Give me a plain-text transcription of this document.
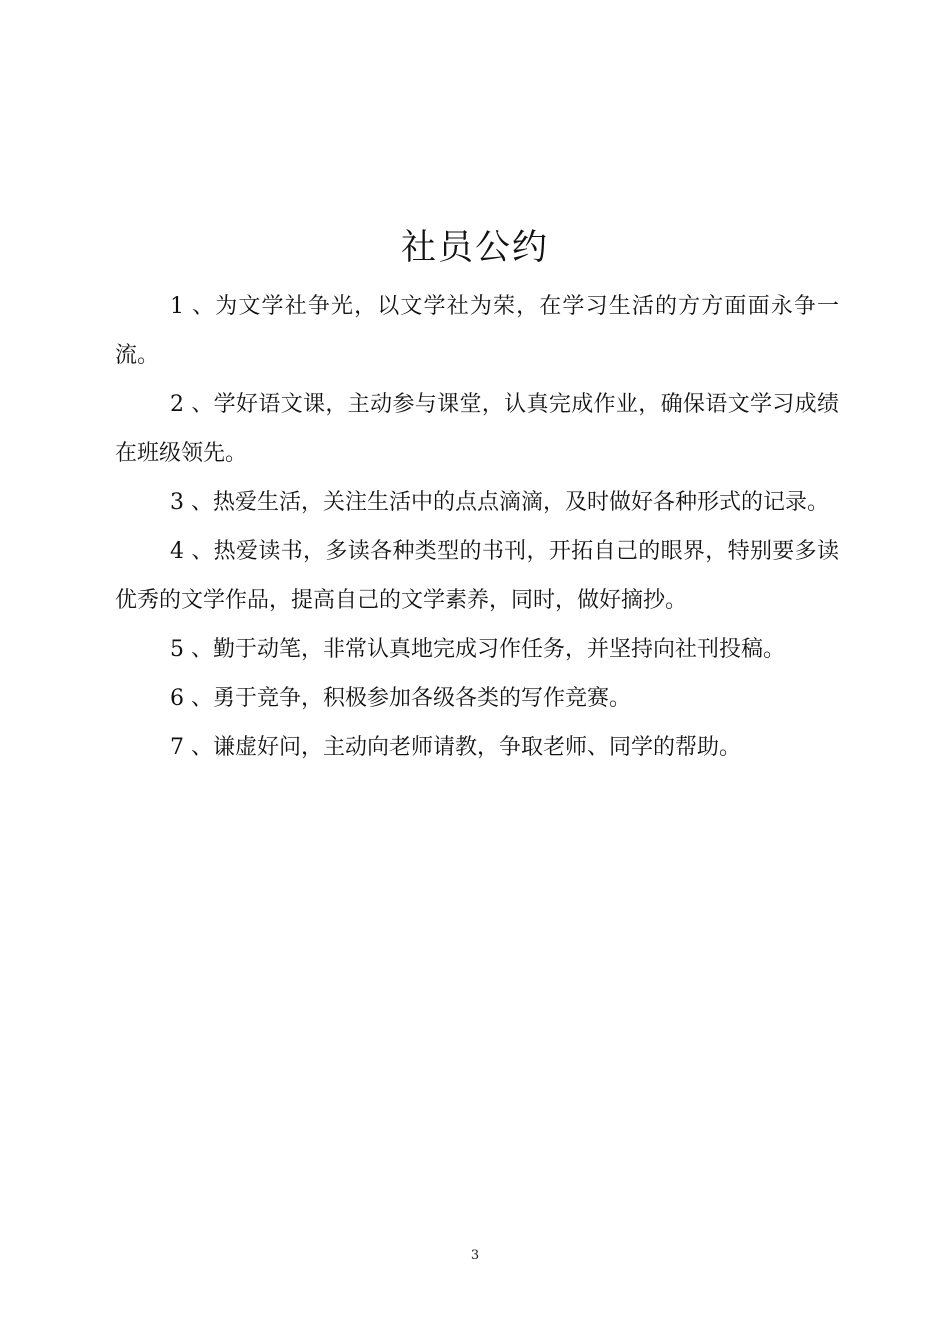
社员公约
1 、为文学社争光，以文学社为荣，在学习生活的方方面面永争一流。
2 、学好语文课，主动参与课堂，认真完成作业，确保语文学习成绩在班级领先。
3 、热爱生活，关注生活中的点点滴滴，及时做好各种形式的记录。
4 、热爱读书，多读各种类型的书刊，开拓自己的眼界，特别要多读优秀的文学作品，提高自己的文学素养，同时，做好摘抄。
5 、勤于动笔，非常认真地完成习作任务，并坚持向社刊投稿。
6 、勇于竞争，积极参加各级各类的写作竞赛。
7 、谦虚好问，主动向老师请教，争取老师、同学的帮助。
3
